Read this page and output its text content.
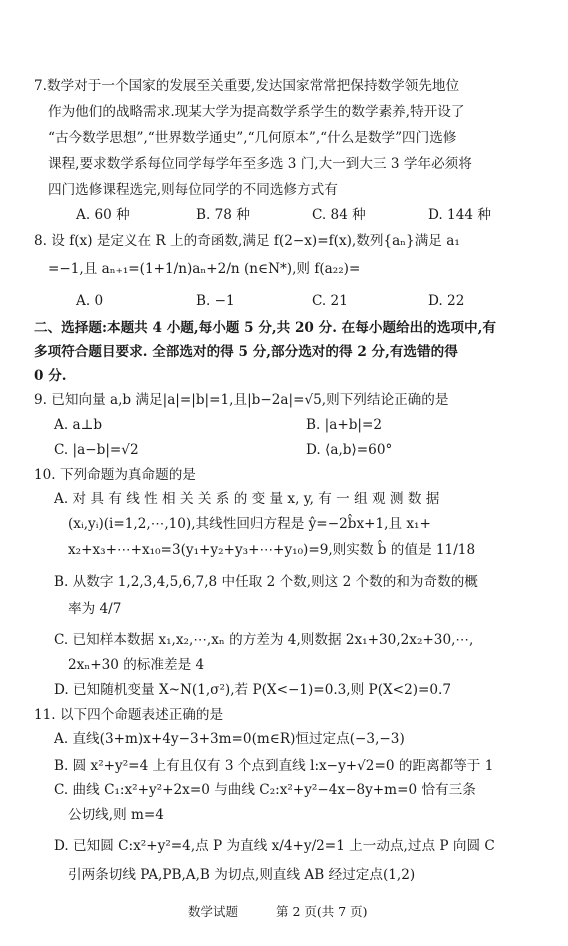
7.数学对于一个国家的发展至关重要,发达国家常常把保持数学领先地位
作为他们的战略需求.现某大学为提高数学系学生的数学素养,特开设了
“古今数学思想”,“世界数学通史”,“几何原本”,“什么是数学”四门选修
课程,要求数学系每位同学每学年至多选 3 门,大一到大三 3 学年必须将
四门选修课程选完,则每位同学的不同选修方式有
A. 60 种	B. 78 种	C. 84 种	D. 144 种
8. 设 f(x) 是定义在 R 上的奇函数,满足 f(2−x)=f(x),数列{aₙ}满足 a₁
=−1,且 aₙ₊₁=(1+1/n)aₙ+2/n (n∈N*),则 f(a₂₂)=
A. 0	B. −1	C. 21	D. 22
二、选择题:本题共 4 小题,每小题 5 分,共 20 分. 在每小题给出的选项中,有
多项符合题目要求. 全部选对的得 5 分,部分选对的得 2 分,有选错的得
0 分.
9. 已知向量 a,b 满足|a|=|b|=1,且|b−2a|=√5,则下列结论正确的是
A. a⊥b	B. |a+b|=2
C. |a−b|=√2	D. ⟨a,b⟩=60°
10. 下列命题为真命题的是
A. 对 具 有 线 性 相 关 关 系 的 变 量 x, y, 有 一 组 观 测 数 据
(xᵢ,yᵢ)(i=1,2,⋯,10),其线性回归方程是 ŷ=−2b̂x+1,且 x₁+
x₂+x₃+⋯+x₁₀=3(y₁+y₂+y₃+⋯+y₁₀)=9,则实数 b̂ 的值是 11/18
B. 从数字 1,2,3,4,5,6,7,8 中任取 2 个数,则这 2 个数的和为奇数的概
率为 4/7
C. 已知样本数据 x₁,x₂,⋯,xₙ 的方差为 4,则数据 2x₁+30,2x₂+30,⋯,
2xₙ+30 的标准差是 4
D. 已知随机变量 X~N(1,σ²),若 P(X<−1)=0.3,则 P(X<2)=0.7
11. 以下四个命题表述正确的是
A. 直线(3+m)x+4y−3+3m=0(m∈R)恒过定点(−3,−3)
B. 圆 x²+y²=4 上有且仅有 3 个点到直线 l:x−y+√2=0 的距离都等于 1
C. 曲线 C₁:x²+y²+2x=0 与曲线 C₂:x²+y²−4x−8y+m=0 恰有三条
公切线,则 m=4
D. 已知圆 C:x²+y²=4,点 P 为直线 x/4+y/2=1 上一动点,过点 P 向圆 C
引两条切线 PA,PB,A,B 为切点,则直线 AB 经过定点(1,2)
数学试题	第 2 页(共 7 页)
